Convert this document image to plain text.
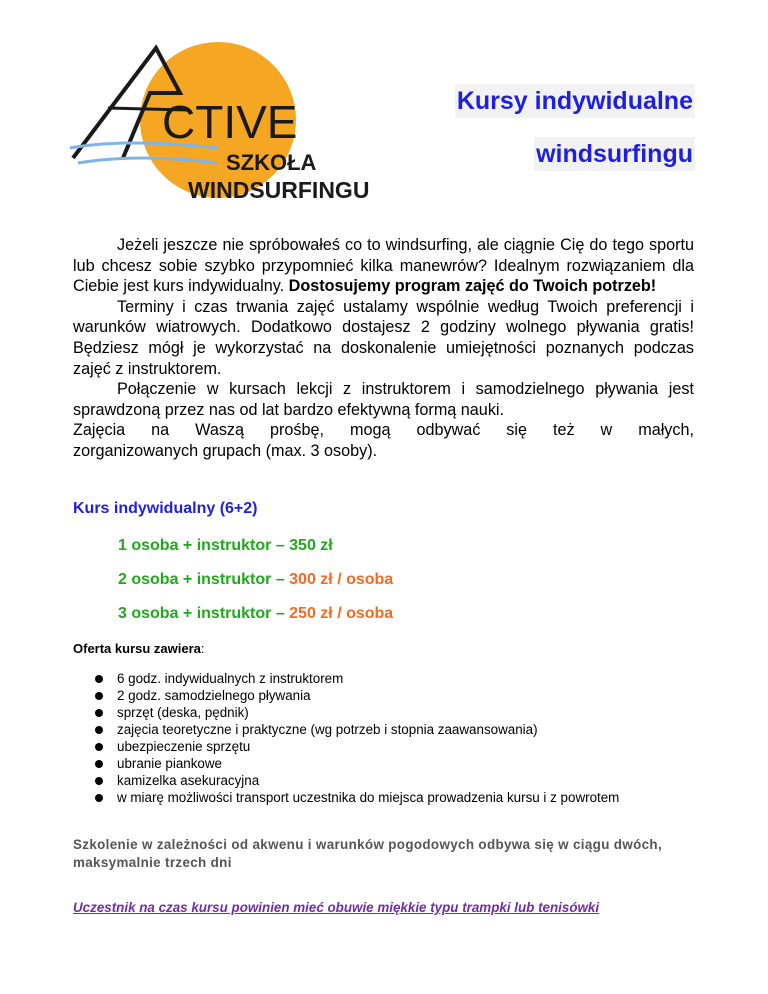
CTIVE
SZKOŁA
WINDSURFINGU
Kursy indywidualne
windsurfingu

Jeżeli jeszcze nie spróbowałeś co to windsurfing, ale ciągnie Cię do tego sportu lub chcesz sobie szybko przypomnieć kilka manewrów? Idealnym rozwiązaniem dla Ciebie jest kurs indywidualny. Dostosujemy program zajęć do Twoich potrzeb!

Terminy i czas trwania zajęć ustalamy wspólnie według Twoich preferencji i warunków wiatrowych. Dodatkowo dostajesz 2 godziny wolnego pływania gratis! Będziesz mógł je wykorzystać na doskonalenie umiejętności poznanych podczas zajęć z instruktorem.

Połączenie w kursach lekcji z instruktorem i samodzielnego pływania jest sprawdzoną przez nas od lat bardzo efektywną formą nauki.

Zajęcia na Waszą prośbę, mogą odbywać się też w małych,

zorganizowanych grupach (max. 3 osoby).

Kurs indywidualny (6+2)
1 osoba + instruktor – 350 zł
2 osoba + instruktor – 300 zł / osoba
3 osoba + instruktor – 250 zł / osoba
Oferta kursu zawiera:
6 godz. indywidualnych z instruktorem
2 godz. samodzielnego pływania
sprzęt (deska, pędnik)
zajęcia teoretyczne i praktyczne (wg potrzeb i stopnia zaawansowania)
ubezpieczenie sprzętu
ubranie piankowe
kamizelka asekuracyjna
w miarę możliwości transport uczestnika do miejsca prowadzenia kursu i z powrotem
Szkolenie w zależności od akwenu i warunków pogodowych odbywa się w ciągu dwóch, maksymalnie trzech dni
Uczestnik na czas kursu powinien mieć obuwie miękkie typu trampki lub tenisówki
